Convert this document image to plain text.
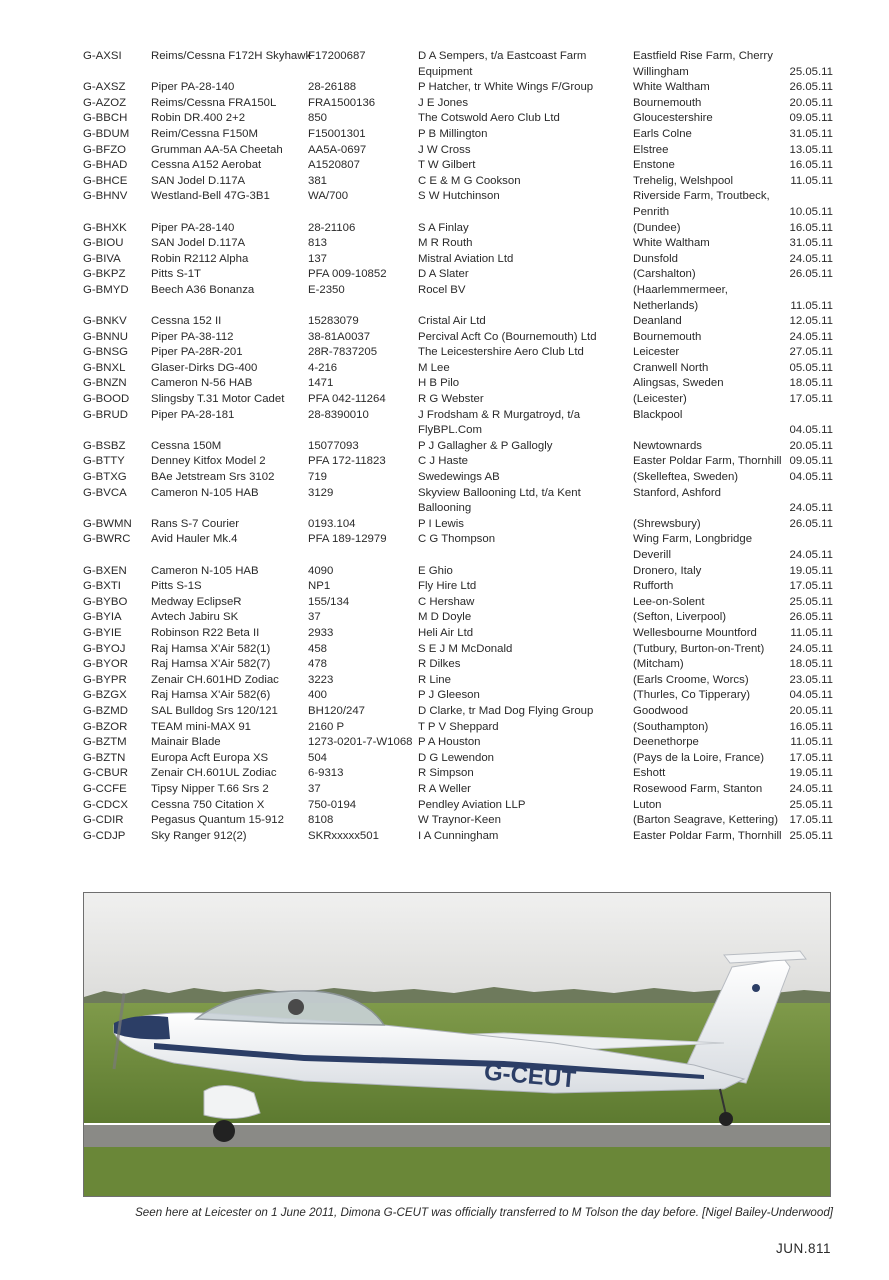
G-AXSI	Reims/Cessna F172H Skyhawk	F17200687	D A Sempers, t/a Eastcoast Farm Equipment	Eastfield Rise Farm, Cherry Willingham	25.05.11
G-AXSZ	Piper PA-28-140	28-26188	P Hatcher, tr White Wings F/Group	White Waltham	26.05.11
G-AZOZ	Reims/Cessna FRA150L	FRA1500136	J E Jones	Bournemouth	20.05.11
G-BBCH	Robin DR.400 2+2	850	The Cotswold Aero Club Ltd	Gloucestershire	09.05.11
G-BDUM	Reim/Cessna F150M	F15001301	P B Millington	Earls Colne	31.05.11
G-BFZO	Grumman AA-5A Cheetah	AA5A-0697	J W Cross	Elstree	13.05.11
G-BHAD	Cessna A152 Aerobat	A1520807	T W Gilbert	Enstone	16.05.11
G-BHCE	SAN Jodel D.117A	381	C E & M G Cookson	Trehelig, Welshpool	11.05.11
G-BHNV	Westland-Bell 47G-3B1	WA/700	S W Hutchinson	Riverside Farm, Troutbeck, Penrith	10.05.11
G-BHXK	Piper PA-28-140	28-21106	S A Finlay	(Dundee)	16.05.11
G-BIOU	SAN Jodel D.117A	813	M R Routh	White Waltham	31.05.11
G-BIVA	Robin R2112 Alpha	137	Mistral Aviation Ltd	Dunsfold	24.05.11
G-BKPZ	Pitts S-1T	PFA 009-10852	D A Slater	(Carshalton)	26.05.11
G-BMYD	Beech A36 Bonanza	E-2350	Rocel BV	(Haarlemmermeer, Netherlands)	11.05.11
G-BNKV	Cessna 152 II	15283079	Cristal Air Ltd	Deanland	12.05.11
G-BNNU	Piper PA-38-112	38-81A0037	Percival Acft Co (Bournemouth) Ltd	Bournemouth	24.05.11
G-BNSG	Piper PA-28R-201	28R-7837205	The Leicestershire Aero Club Ltd	Leicester	27.05.11
G-BNXL	Glaser-Dirks DG-400	4-216	M Lee	Cranwell North	05.05.11
G-BNZN	Cameron N-56 HAB	1471	H B Pilo	Alingsas, Sweden	18.05.11
G-BOOD	Slingsby T.31 Motor Cadet	PFA 042-11264	R G Webster	(Leicester)	17.05.11
G-BRUD	Piper PA-28-181	28-8390010	J Frodsham & R Murgatroyd, t/a FlyBPL.Com	Blackpool	04.05.11
G-BSBZ	Cessna 150M	15077093	P J Gallagher & P Gallogly	Newtownards	20.05.11
G-BTTY	Denney Kitfox Model 2	PFA 172-11823	C J Haste	Easter Poldar Farm, Thornhill	09.05.11
G-BTXG	BAe Jetstream Srs 3102	719	Swedewings AB	(Skelleftea, Sweden)	04.05.11
G-BVCA	Cameron N-105 HAB	3129	Skyview Ballooning Ltd, t/a Kent Ballooning	Stanford, Ashford	24.05.11
G-BWMN	Rans S-7 Courier	0193.104	P I Lewis	(Shrewsbury)	26.05.11
G-BWRC	Avid Hauler Mk.4	PFA 189-12979	C G Thompson	Wing Farm, Longbridge Deverill	24.05.11
G-BXEN	Cameron N-105 HAB	4090	E Ghio	Dronero, Italy	19.05.11
G-BXTI	Pitts S-1S	NP1	Fly Hire Ltd	Rufforth	17.05.11
G-BYBO	Medway EclipseR	155/134	C Hershaw	Lee-on-Solent	25.05.11
G-BYIA	Avtech Jabiru SK	37	M D Doyle	(Sefton, Liverpool)	26.05.11
G-BYIE	Robinson R22 Beta II	2933	Heli Air Ltd	Wellesbourne Mountford	11.05.11
G-BYOJ	Raj Hamsa X'Air 582(1)	458	S E J M McDonald	(Tutbury, Burton-on-Trent)	24.05.11
G-BYOR	Raj Hamsa X'Air 582(7)	478	R Dilkes	(Mitcham)	18.05.11
G-BYPR	Zenair CH.601HD Zodiac	3223	R Line	(Earls Croome, Worcs)	23.05.11
G-BZGX	Raj Hamsa X'Air 582(6)	400	P J Gleeson	(Thurles, Co Tipperary)	04.05.11
G-BZMD	SAL Bulldog Srs 120/121	BH120/247	D Clarke, tr Mad Dog Flying Group	Goodwood	20.05.11
G-BZOR	TEAM mini-MAX 91	2160 P	T P V Sheppard	(Southampton)	16.05.11
G-BZTM	Mainair Blade	1273-0201-7-W1068	P A Houston	Deenethorpe	11.05.11
G-BZTN	Europa Acft Europa XS	504	D G Lewendon	(Pays de la Loire, France)	17.05.11
G-CBUR	Zenair CH.601UL Zodiac	6-9313	R Simpson	Eshott	19.05.11
G-CCFE	Tipsy Nipper T.66 Srs 2	37	R A Weller	Rosewood Farm, Stanton	24.05.11
G-CDCX	Cessna 750 Citation X	750-0194	Pendley Aviation LLP	Luton	25.05.11
G-CDIR	Pegasus Quantum 15-912	8108	W Traynor-Keen	(Barton Seagrave, Kettering)	17.05.11
G-CDJP	Sky Ranger 912(2)	SKRxxxxx501	I A Cunningham	Easter Poldar Farm, Thornhill	25.05.11
G-CEUT
Seen here at Leicester on 1 June 2011, Dimona G-CEUT was officially transferred to M Tolson the day before. [Nigel Bailey-Underwood]
JUN.811
